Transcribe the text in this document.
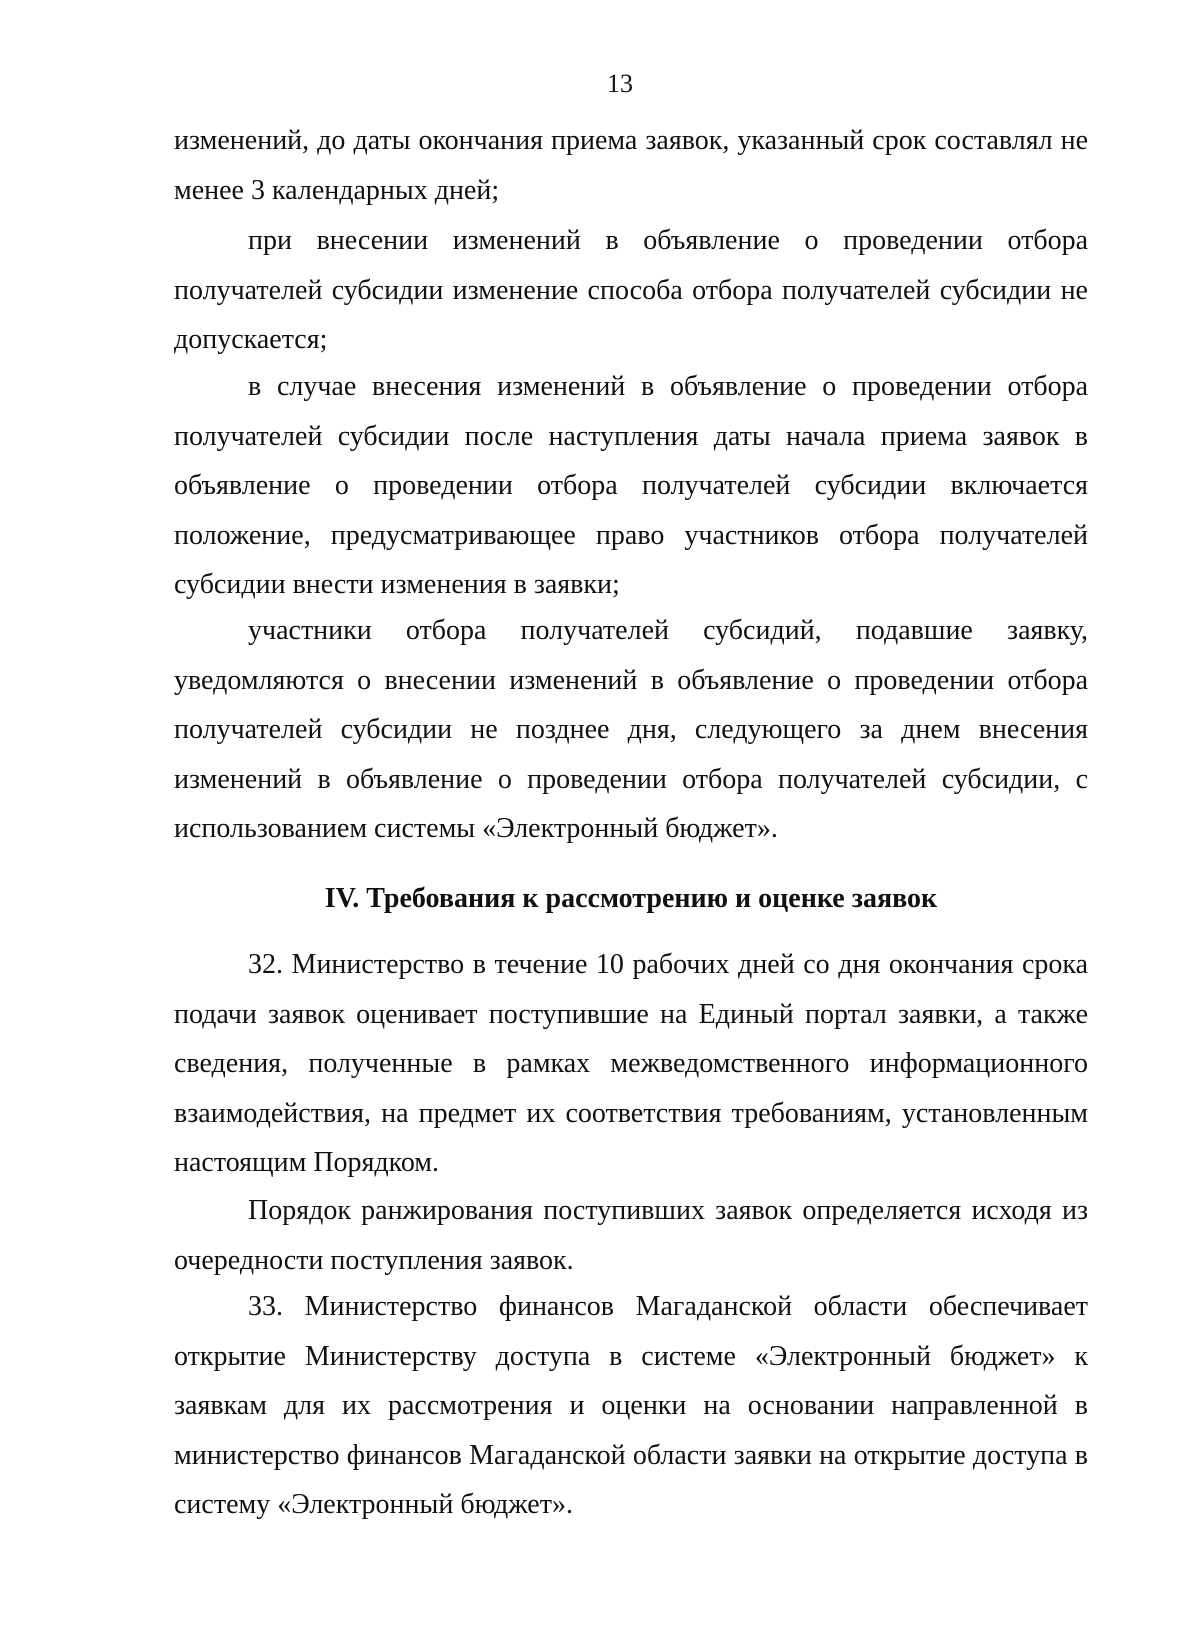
13

изменений, до даты окончания приема заявок, указанный срок составлял не менее 3 календарных дней;

при внесении изменений в объявление о проведении отбора получателей субсидии изменение способа отбора получателей субсидии не допускается;

в случае внесения изменений в объявление о проведении отбора получателей субсидии после наступления даты начала приема заявок в объявление о проведении отбора получателей субсидии включается положение, предусматривающее право участников отбора получателей субсидии внести изменения в заявки;

участники отбора получателей субсидий, подавшие заявку, уведомляются о внесении изменений в объявление о проведении отбора получателей субсидии не позднее дня, следующего за днем внесения изменений в объявление о проведении отбора получателей субсидии, с использованием системы «Электронный бюджет».

IV. Требования к рассмотрению и оценке заявок

32. Министерство в течение 10 рабочих дней со дня окончания срока подачи заявок оценивает поступившие на Единый портал заявки, а также сведения, полученные в рамках межведомственного информационного взаимодействия, на предмет их соответствия требованиям, установленным настоящим Порядком.

Порядок ранжирования поступивших заявок определяется исходя из очередности поступления заявок.

33. Министерство финансов Магаданской области обеспечивает открытие Министерству доступа в системе «Электронный бюджет» к заявкам для их рассмотрения и оценки на основании направленной в министерство финансов Магаданской области заявки на открытие доступа в систему «Электронный бюджет».
